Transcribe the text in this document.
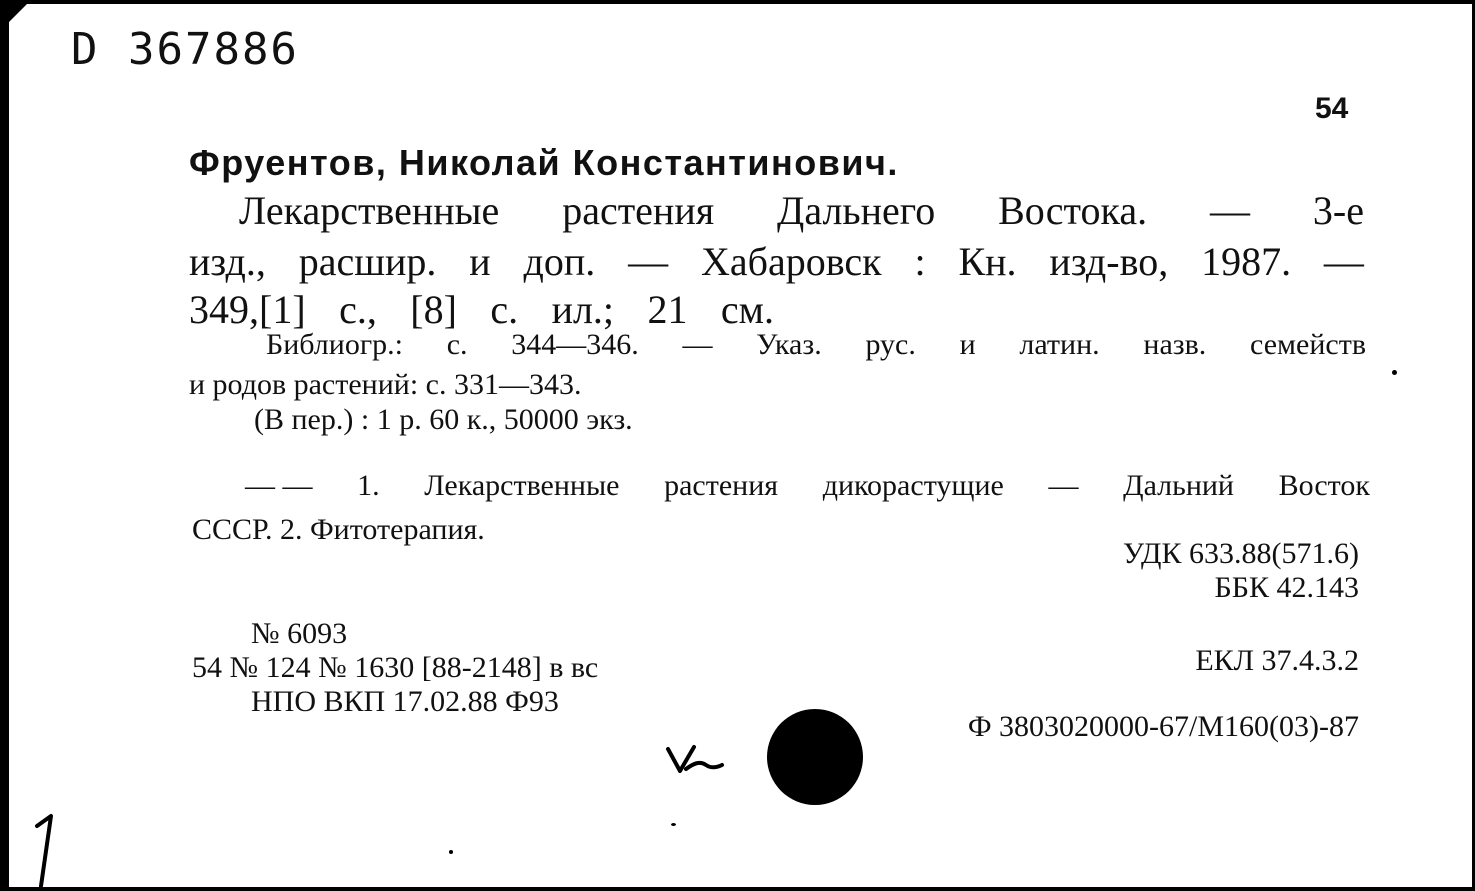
D 367886
54
Фруентов, Николай Константинович.
Лекарственные растения Дальнего Востока. — 3-е
изд., расшир. и доп. — Хабаровск : Кн. изд-во, 1987. —
349,[1] с., [8] с. ил.; 21 см.
Библиогр.: с. 344—346. — Указ. рус. и латин. назв. семейств
и родов растений: с. 331—343.
(В пер.) : 1 р. 60 к., 50000 экз.
— — 1. Лекарственные растения дикорастущие — Дальний Восток
СССР. 2. Фитотерапия.
УДК 633.88(571.6)
ББК 42.143
ЕКЛ 37.4.3.2
Ф 3803020000-67/М160(03)-87
№ 6093
54 № 124 № 1630 [88-2148] в вс
НПО ВКП 17.02.88 Ф93
